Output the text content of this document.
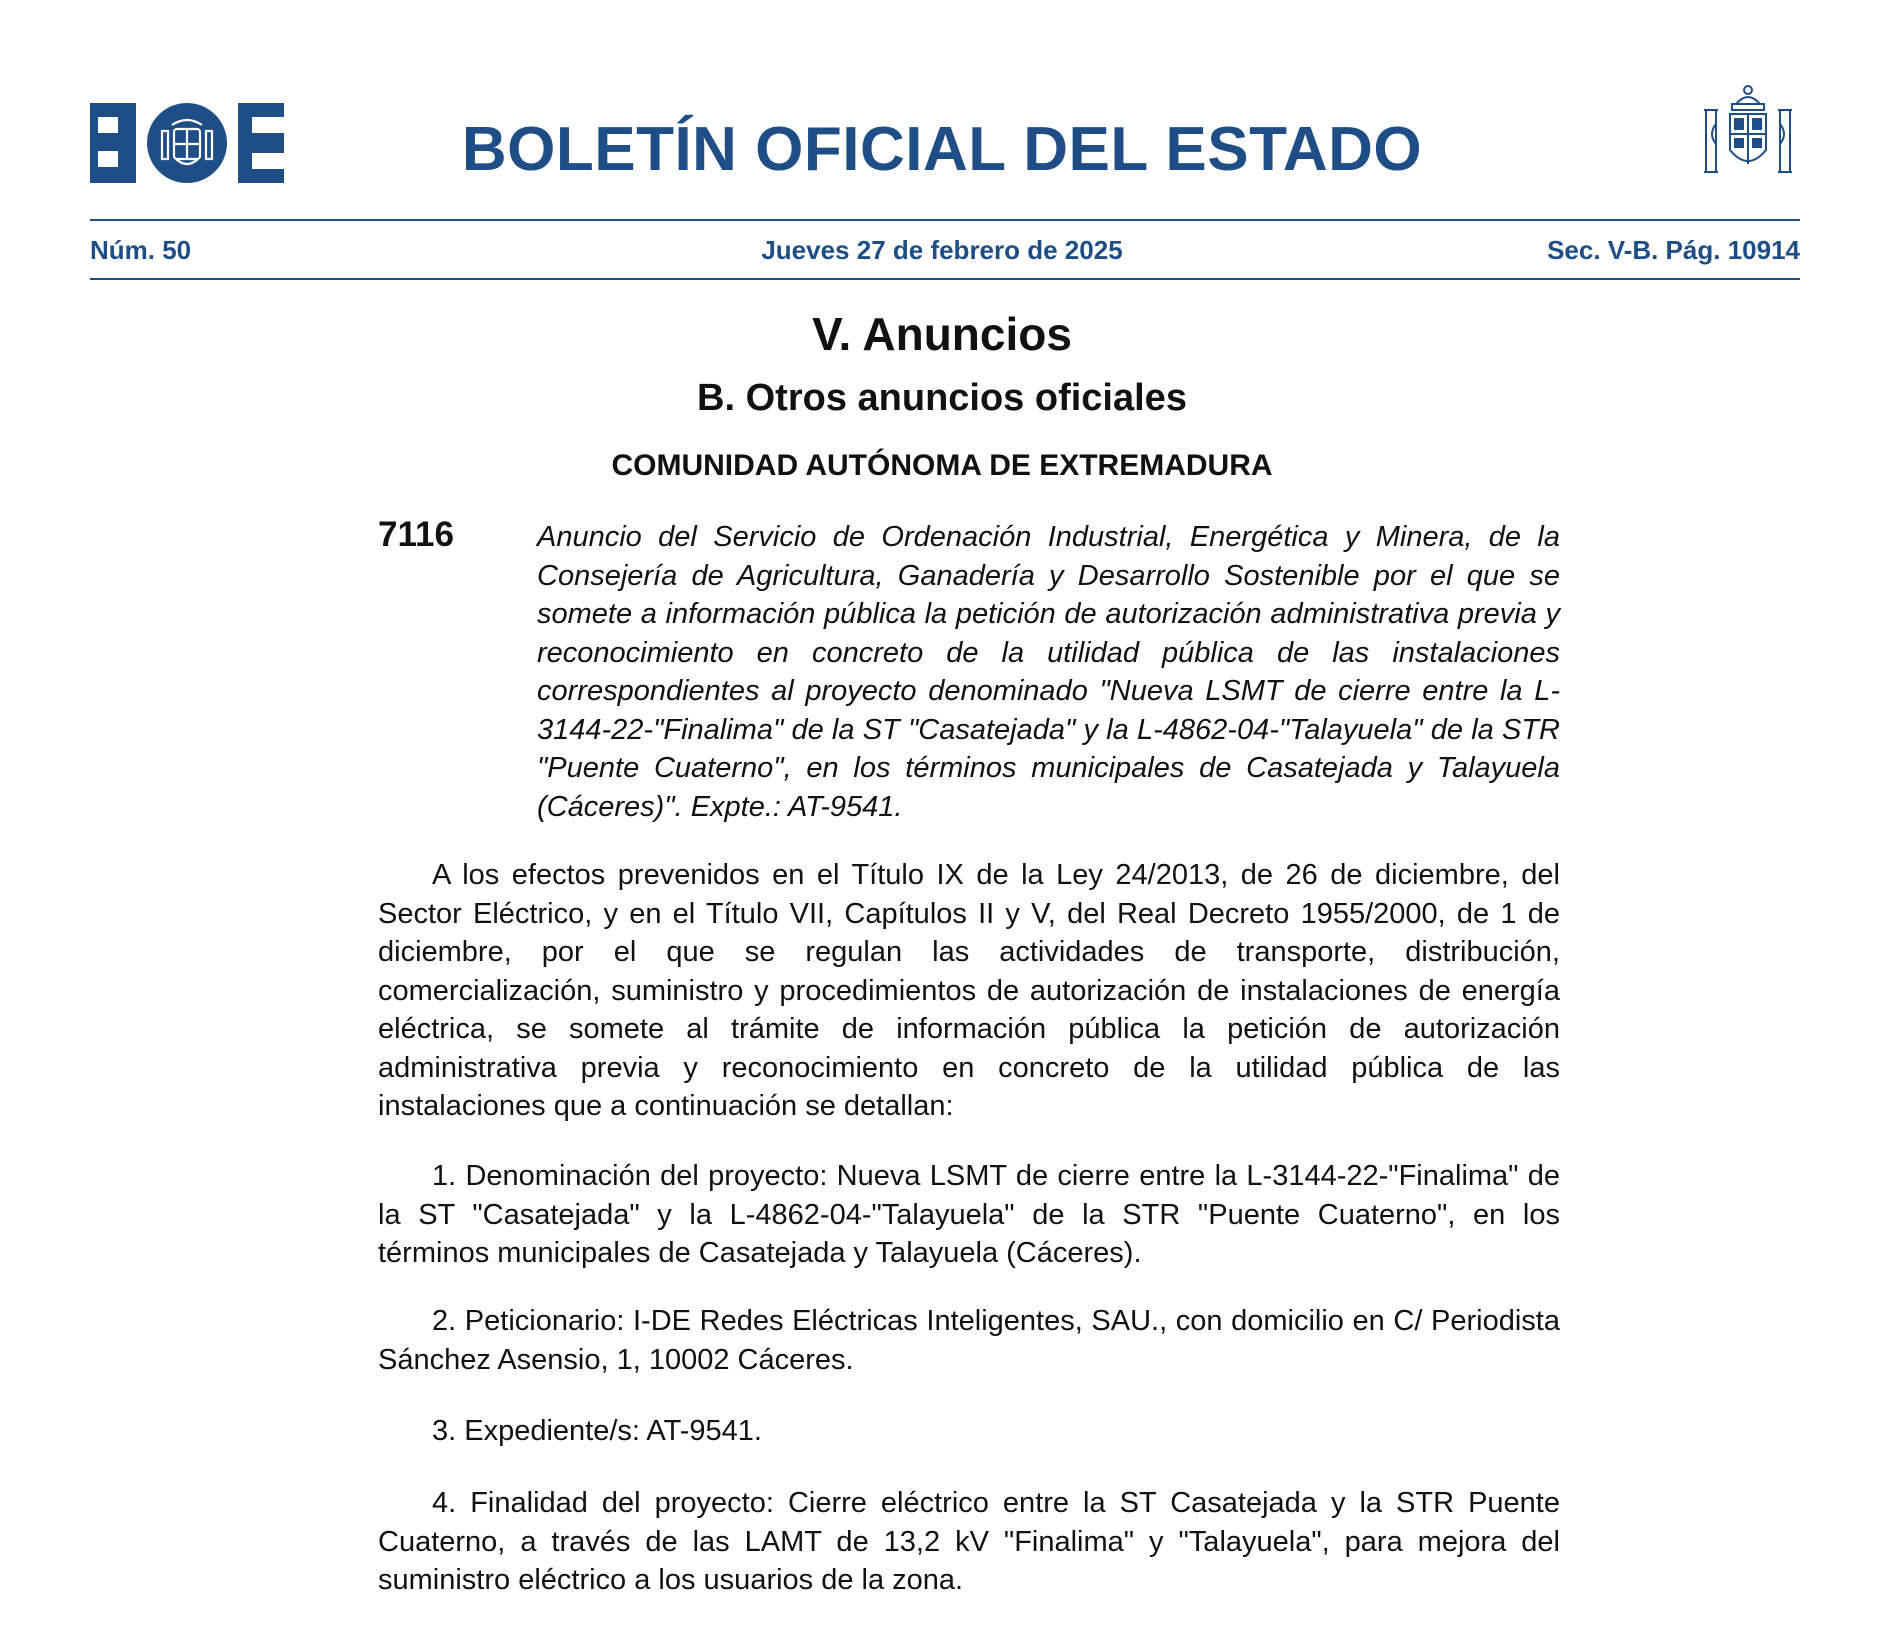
BOLETÍN OFICIAL DEL ESTADO
Núm. 50	Jueves 27 de febrero de 2025	Sec. V-B. Pág. 10914
V. Anuncios
B. Otros anuncios oficiales
COMUNIDAD AUTÓNOMA DE EXTREMADURA
7116	Anuncio del Servicio de Ordenación Industrial, Energética y Minera, de la Consejería de Agricultura, Ganadería y Desarrollo Sostenible por el que se somete a información pública la petición de autorización administrativa previa y reconocimiento en concreto de la utilidad pública de las instalaciones correspondientes al proyecto denominado "Nueva LSMT de cierre entre la L-3144-22-"Finalima" de la ST "Casatejada" y la L-4862-04-"Talayuela" de la STR "Puente Cuaterno", en los términos municipales de Casatejada y Talayuela (Cáceres)". Expte.: AT-9541.

A los efectos prevenidos en el Título IX de la Ley 24/2013, de 26 de diciembre, del Sector Eléctrico, y en el Título VII, Capítulos II y V, del Real Decreto 1955/2000, de 1 de diciembre, por el que se regulan las actividades de transporte, distribución, comercialización, suministro y procedimientos de autorización de instalaciones de energía eléctrica, se somete al trámite de información pública la petición de autorización administrativa previa y reconocimiento en concreto de la utilidad pública de las instalaciones que a continuación se detallan:

1. Denominación del proyecto: Nueva LSMT de cierre entre la L-3144-22-"Finalima" de la ST "Casatejada" y la L-4862-04-"Talayuela" de la STR "Puente Cuaterno", en los términos municipales de Casatejada y Talayuela (Cáceres).

2. Peticionario: I-DE Redes Eléctricas Inteligentes, SAU., con domicilio en C/ Periodista Sánchez Asensio, 1, 10002 Cáceres.

3. Expediente/s: AT-9541.

4. Finalidad del proyecto: Cierre eléctrico entre la ST Casatejada y la STR Puente Cuaterno, a través de las LAMT de 13,2 kV "Finalima" y "Talayuela", para mejora del suministro eléctrico a los usuarios de la zona.
